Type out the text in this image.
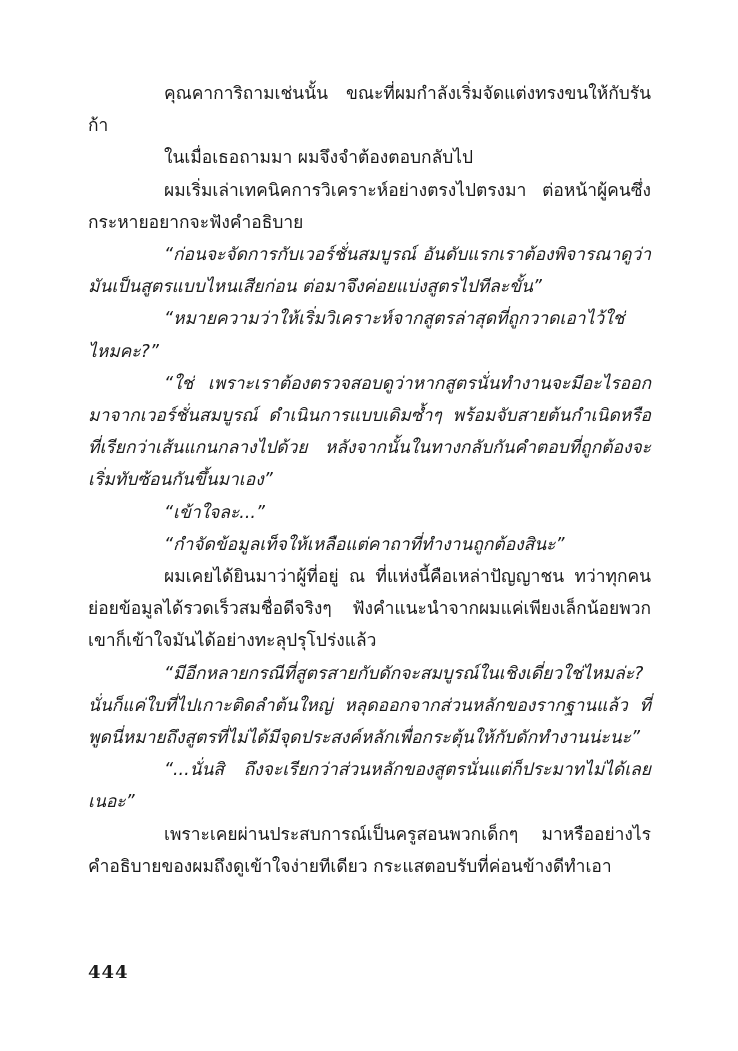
คุณคาการิถามเช่นนั้น ขณะที่ผมกำลังเริ่มจัดแต่งทรงขนให้กับรันก้า

ในเมื่อเธอถามมา ผมจึงจำต้องตอบกลับไป

ผมเริ่มเล่าเทคนิคการวิเคราะห์อย่างตรงไปตรงมา ต่อหน้าผู้คนซึ่งกระหายอยากจะฟังคำอธิบาย

“ก่อนจะจัดการกับเวอร์ชั่นสมบูรณ์ อันดับแรกเราต้องพิจารณาดูว่ามันเป็นสูตรแบบไหนเสียก่อน ต่อมาจึงค่อยแบ่งสูตรไปทีละขั้น”

“หมายความว่าให้เริ่มวิเคราะห์จากสูตรล่าสุดที่ถูกวาดเอาไว้ใช่ไหมคะ?”

“ใช่ เพราะเราต้องตรวจสอบดูว่าหากสูตรนั่นทำงานจะมีอะไรออกมาจากเวอร์ชั่นสมบูรณ์ ดำเนินการแบบเดิมซ้ำๆ พร้อมจับสายต้นกำเนิดหรือที่เรียกว่าเส้นแกนกลางไปด้วย หลังจากนั้นในทางกลับกันคำตอบที่ถูกต้องจะเริ่มทับซ้อนกันขึ้นมาเอง”

“เข้าใจละ...”

“กำจัดข้อมูลเท็จให้เหลือแต่คาถาที่ทำงานถูกต้องสินะ”

ผมเคยได้ยินมาว่าผู้ที่อยู่ ณ ที่แห่งนี้คือเหล่าปัญญาชน ทว่าทุกคนย่อยข้อมูลได้รวดเร็วสมชื่อดีจริงๆ ฟังคำแนะนำจากผมแค่เพียงเล็กน้อยพวกเขาก็เข้าใจมันได้อย่างทะลุปรุโปร่งแล้ว

“มีอีกหลายกรณีที่สูตรสายกับดักจะสมบูรณ์ในเชิงเดี่ยวใช่ไหมล่ะ? นั่นก็แค่ใบที่ไปเกาะติดลำต้นใหญ่ หลุดออกจากส่วนหลักของรากฐานแล้ว ที่พูดนี่หมายถึงสูตรที่ไม่ได้มีจุดประสงค์หลักเพื่อกระตุ้นให้กับดักทำงานน่ะนะ”

“...นั่นสิ ถึงจะเรียกว่าส่วนหลักของสูตรนั่นแต่ก็ประมาทไม่ได้เลยเนอะ”

เพราะเคยผ่านประสบการณ์เป็นครูสอนพวกเด็กๆ มาหรืออย่างไรคำอธิบายของผมถึงดูเข้าใจง่ายทีเดียว กระแสตอบรับที่ค่อนข้างดีทำเอา

444
